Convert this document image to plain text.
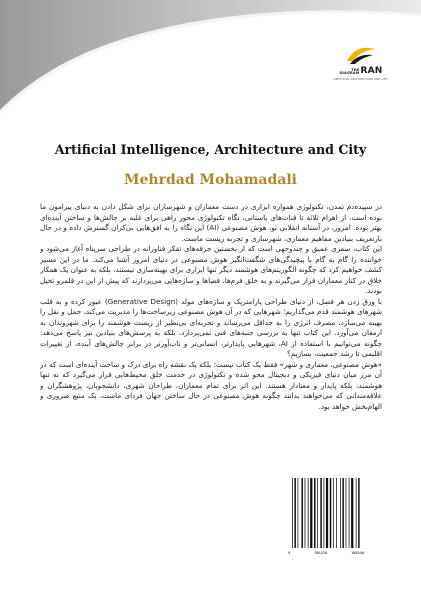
THE
DIAGRAM RAN
ARTIFICIAL ARCHITECTURE AND CITY
Artificial Intelligence, Architecture and City
Mehrdad Mohamadali

در سپیده‌دم تمدن، تکنولوژی همواره ابزاری در دست معماران و شهرسازان برای شکل دادن به دنیای پیرامون ما بوده است، از اهرام ثلاثه تا قنات‌های باستانی، نگاه تکنولوژی محور راهی برای غلبه بر چالش‌ها و ساختن آینده‌ای بهتر بوده. امروز، در آستانه انقلابی نو، هوش مصنوعی (AI) این نگاه را به افق‌هایی بی‌کران گسترش داده و در حال بازتعریف بنیادین مفاهیم معماری، شهرسازی و تجربه زیست ماست.

این کتاب، سفری عمیق و چندوجهی است که از نخستین جرقه‌های تفکر فناورانه در طراحی سرپناه آغاز می‌شود و خواننده را گام به گام با پیچیدگی‌های شگفت‌انگیز هوش مصنوعی در دنیای امروز آشنا می‌کند. ما در این مسیر کشف خواهیم کرد که چگونه الگوریتم‌های هوشمند دیگر تنها ابزاری برای بهینه‌سازی نیستند، بلکه به عنوان یک همکار خلاق در کنار معماران قرار می‌گیرند و به خلق فرم‌ها، فضاها و سازه‌هایی می‌پردازند که پیش از این در قلمرو تخیل بودند.

با ورق زدن هر فصل، از دنیای طراحی پارامتریک و سازه‌های مولد (Generative Design) عبور کرده و به قلب شهرهای هوشمند قدم می‌گذاریم؛ شهرهایی که در آن هوش مصنوعی زیرساخت‌ها را مدیریت می‌کند، حمل و نقل را بهینه می‌سازد، مصرف انرژی را به حداقل می‌رساند و تجربه‌ای بی‌نظیر از زیست هوشمند را برای شهروندان به ارمغان می‌آورد. این کتاب تنها به بررسی جنبه‌های فنی نمی‌پردازد، بلکه به پرسش‌های بنیادین نیز پاسخ می‌دهد: چگونه می‌توانیم با استفاده از AI، شهرهایی پایدارتر، انسانی‌تر و تاب‌آورتر در برابر چالش‌های آینده، از تغییرات اقلیمی تا رشد جمعیت، بسازیم؟

«هوش مصنوعی، معماری و شهر» فقط یک کتاب نیست؛ بلکه یک نقشه راه برای درک و ساخت آینده‌ای است که در آن مرز میان دنیای فیزیکی و دیجیتال محو شده و تکنولوژی در خدمت خلق محیط‌هایی قرار می‌گیرد که نه تنها هوشمند، بلکه پایدار و معنادار هستند. این اثر برای تمام معماران، طراحان شهری، دانشجویان، پژوهشگران و علاقه‌مندانی که می‌خواهند بدانند چگونه هوش مصنوعی در حال ساختن جهان فردای ماست، یک منبع ضروری و الهام‌بخش خواهد بود.

9	786220	188540
